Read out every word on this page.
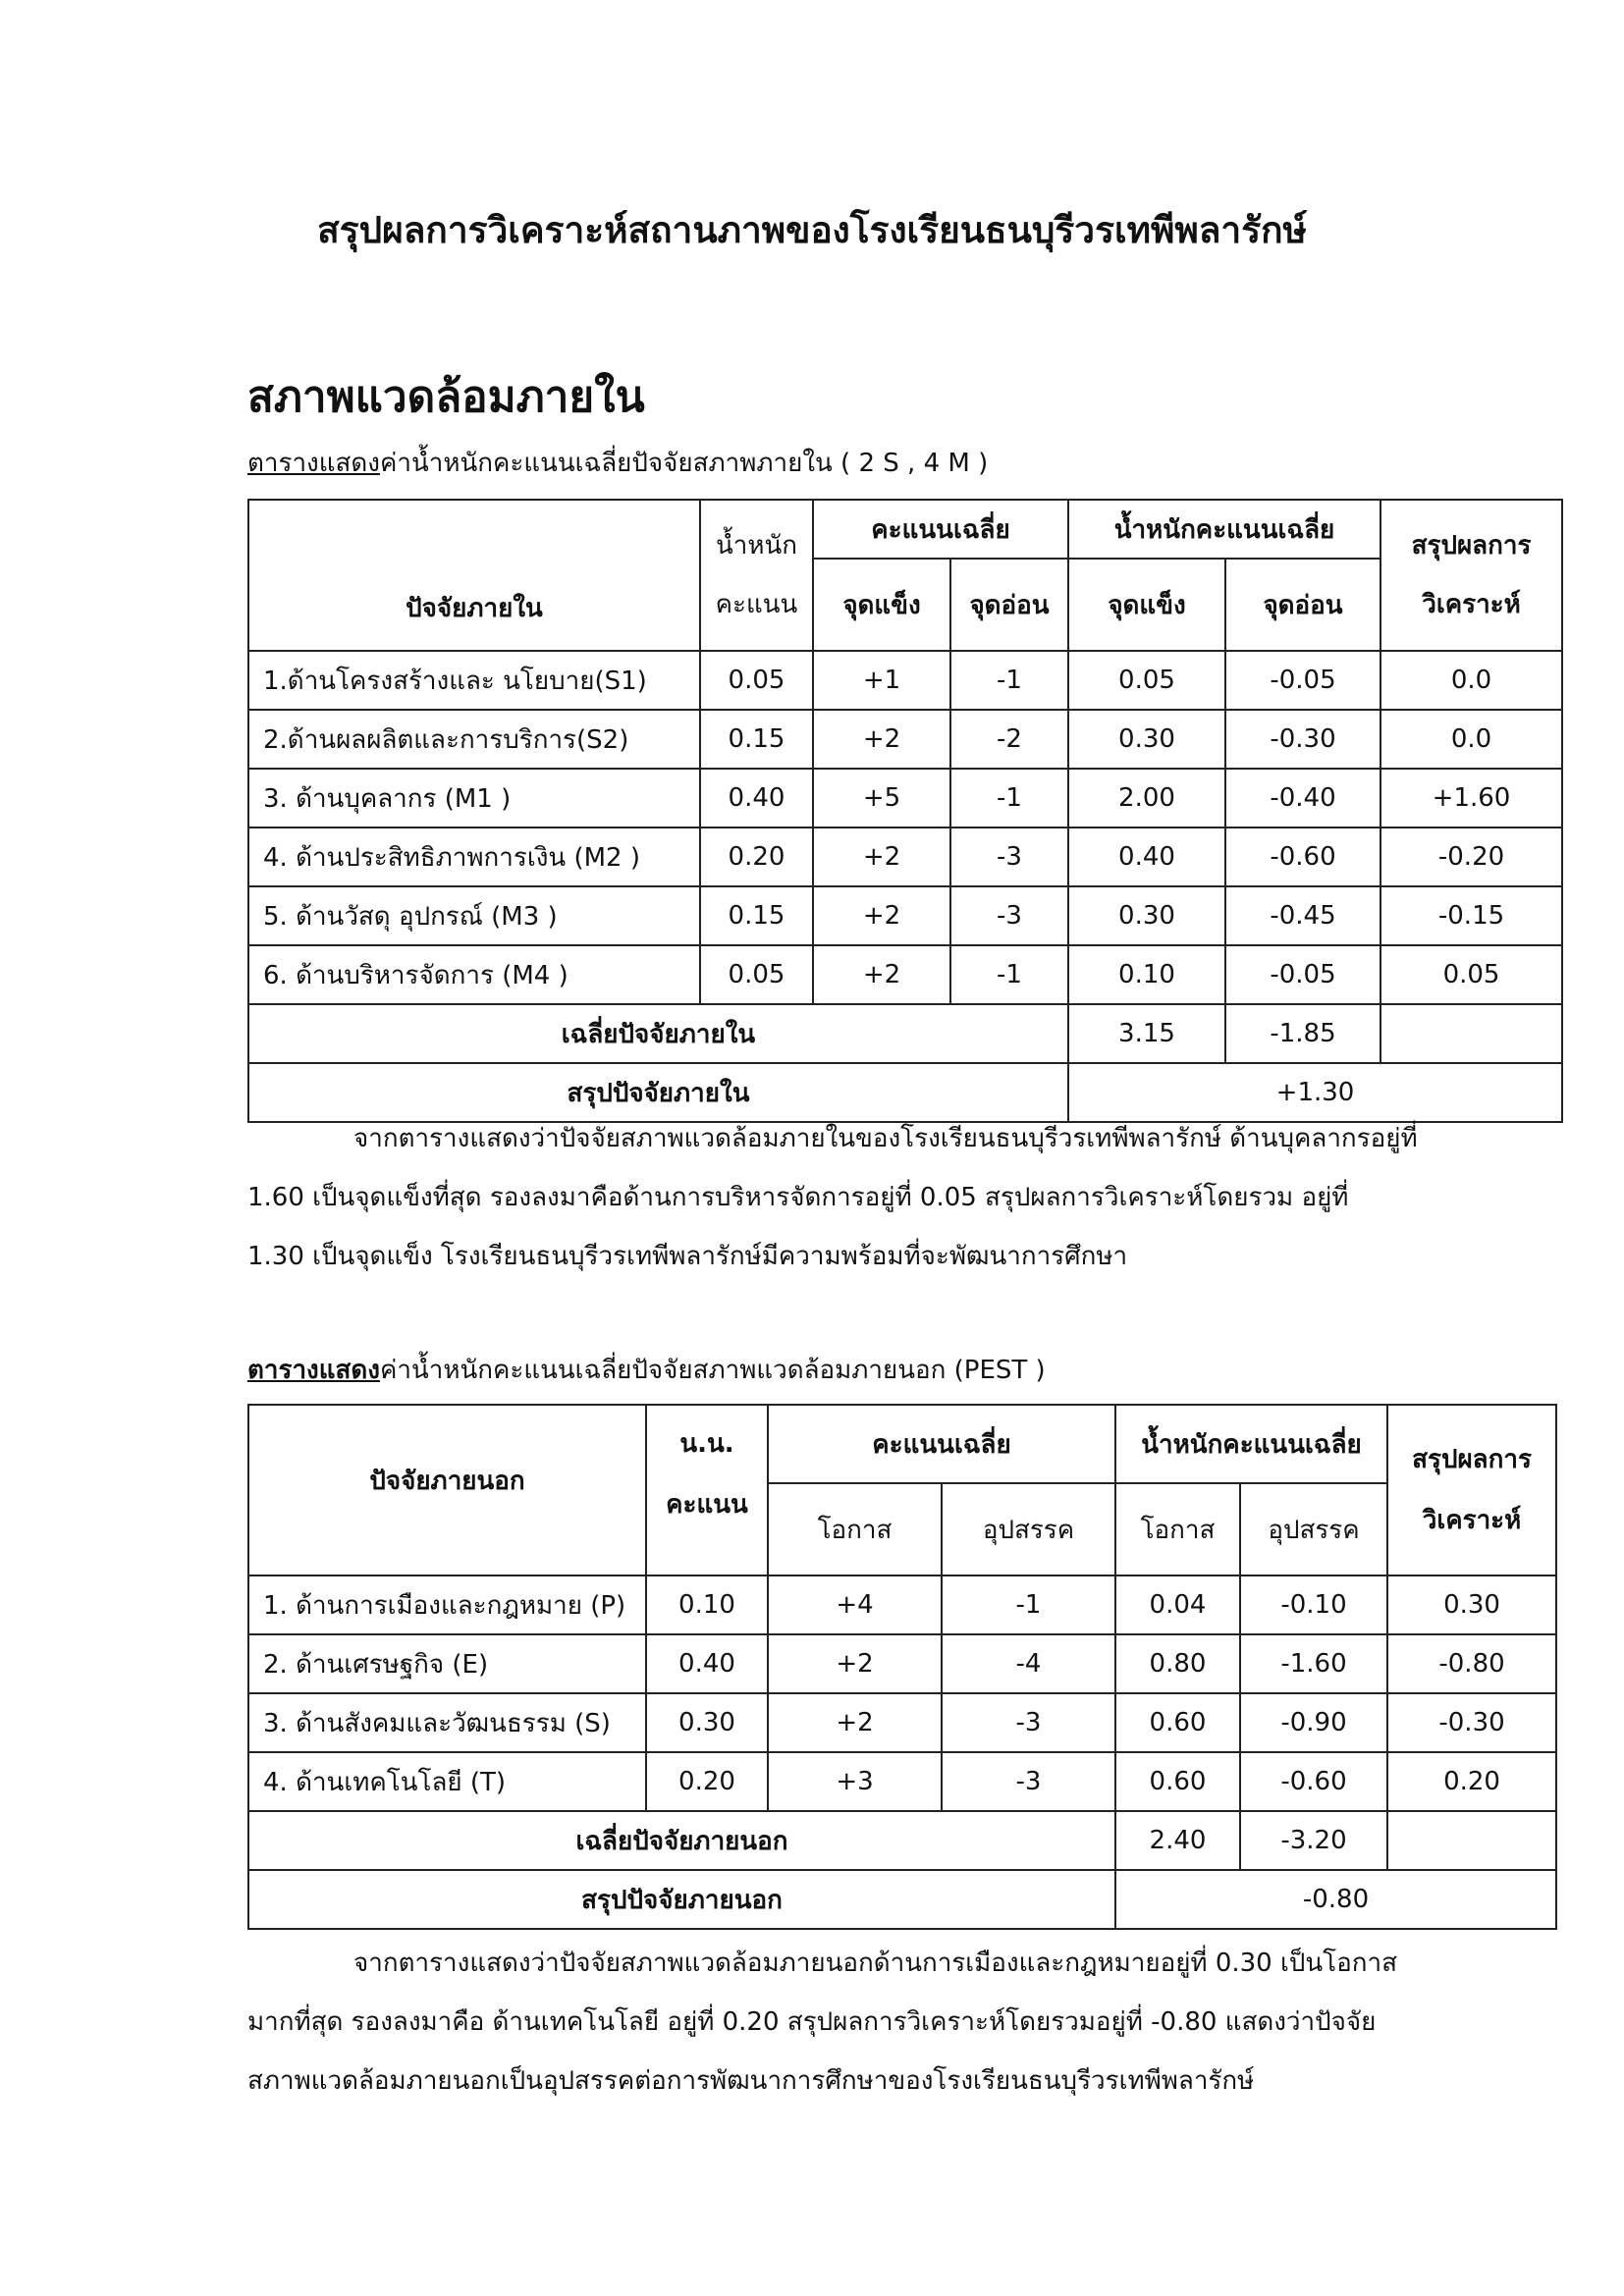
สรุปผลการวิเคราะห์สถานภาพของโรงเรียนธนบุรีวรเทพีพลารักษ์
สภาพแวดล้อมภายใน
ตารางแสดงค่าน้ำหนักคะแนนเฉลี่ยปัจจัยสภาพภายใน ( 2 S , 4 M )
ปัจจัยภายใน	น้ำหนัก
คะแนน	คะแนนเฉลี่ย		น้ำหนักคะแนนเฉลี่ย		สรุปผลการ
วิเคราะห์

		จุดแข็ง	จุดอ่อน	จุดแข็ง	จุดอ่อน	
1.ด้านโครงสร้างและ นโยบาย(S1)	0.05	+1	-1	0.05	-0.05	0.0
2.ด้านผลผลิตและการบริการ(S2)	0.15	+2	-2	0.30	-0.30	0.0
3. ด้านบุคลากร (M1 )	0.40	+5	-1	2.00	-0.40	+1.60
4. ด้านประสิทธิภาพการเงิน (M2 )	0.20	+2	-3	0.40	-0.60	-0.20
5. ด้านวัสดุ อุปกรณ์ (M3 )	0.15	+2	-3	0.30	-0.45	-0.15
6. ด้านบริหารจัดการ (M4 )	0.05	+2	-1	0.10	-0.05	0.05
เฉลี่ยปัจจัยภายใน				3.15	-1.85	
สรุปปัจจัยภายใน				+1.30		
จากตารางแสดงว่าปัจจัยสภาพแวดล้อมภายในของโรงเรียนธนบุรีวรเทพีพลารักษ์ ด้านบุคลากรอยู่ที่
1.60 เป็นจุดแข็งที่สุด รองลงมาคือด้านการบริหารจัดการอยู่ที่ 0.05 สรุปผลการวิเคราะห์โดยรวม อยู่ที่
1.30 เป็นจุดแข็ง โรงเรียนธนบุรีวรเทพีพลารักษ์มีความพร้อมที่จะพัฒนาการศึกษา
ตารางแสดงค่าน้ำหนักคะแนนเฉลี่ยปัจจัยสภาพแวดล้อมภายนอก (PEST )
ปัจจัยภายนอก	น.น.
คะแนน	คะแนนเฉลี่ย		น้ำหนักคะแนนเฉลี่ย		สรุปผลการ
วิเคราะห์

		โอกาส	อุปสรรค	โอกาส	อุปสรรค	
1. ด้านการเมืองและกฎหมาย (P)	0.10	+4	-1	0.04	-0.10	0.30
2. ด้านเศรษฐกิจ (E)	0.40	+2	-4	0.80	-1.60	-0.80
3. ด้านสังคมและวัฒนธรรม (S)	0.30	+2	-3	0.60	-0.90	-0.30
4. ด้านเทคโนโลยี (T)	0.20	+3	-3	0.60	-0.60	0.20
เฉลี่ยปัจจัยภายนอก				2.40	-3.20	
สรุปปัจจัยภายนอก				-0.80		
จากตารางแสดงว่าปัจจัยสภาพแวดล้อมภายนอกด้านการเมืองและกฎหมายอยู่ที่ 0.30 เป็นโอกาส
มากที่สุด รองลงมาคือ ด้านเทคโนโลยี อยู่ที่ 0.20 สรุปผลการวิเคราะห์โดยรวมอยู่ที่ -0.80 แสดงว่าปัจจัย
สภาพแวดล้อมภายนอกเป็นอุปสรรคต่อการพัฒนาการศึกษาของโรงเรียนธนบุรีวรเทพีพลารักษ์
